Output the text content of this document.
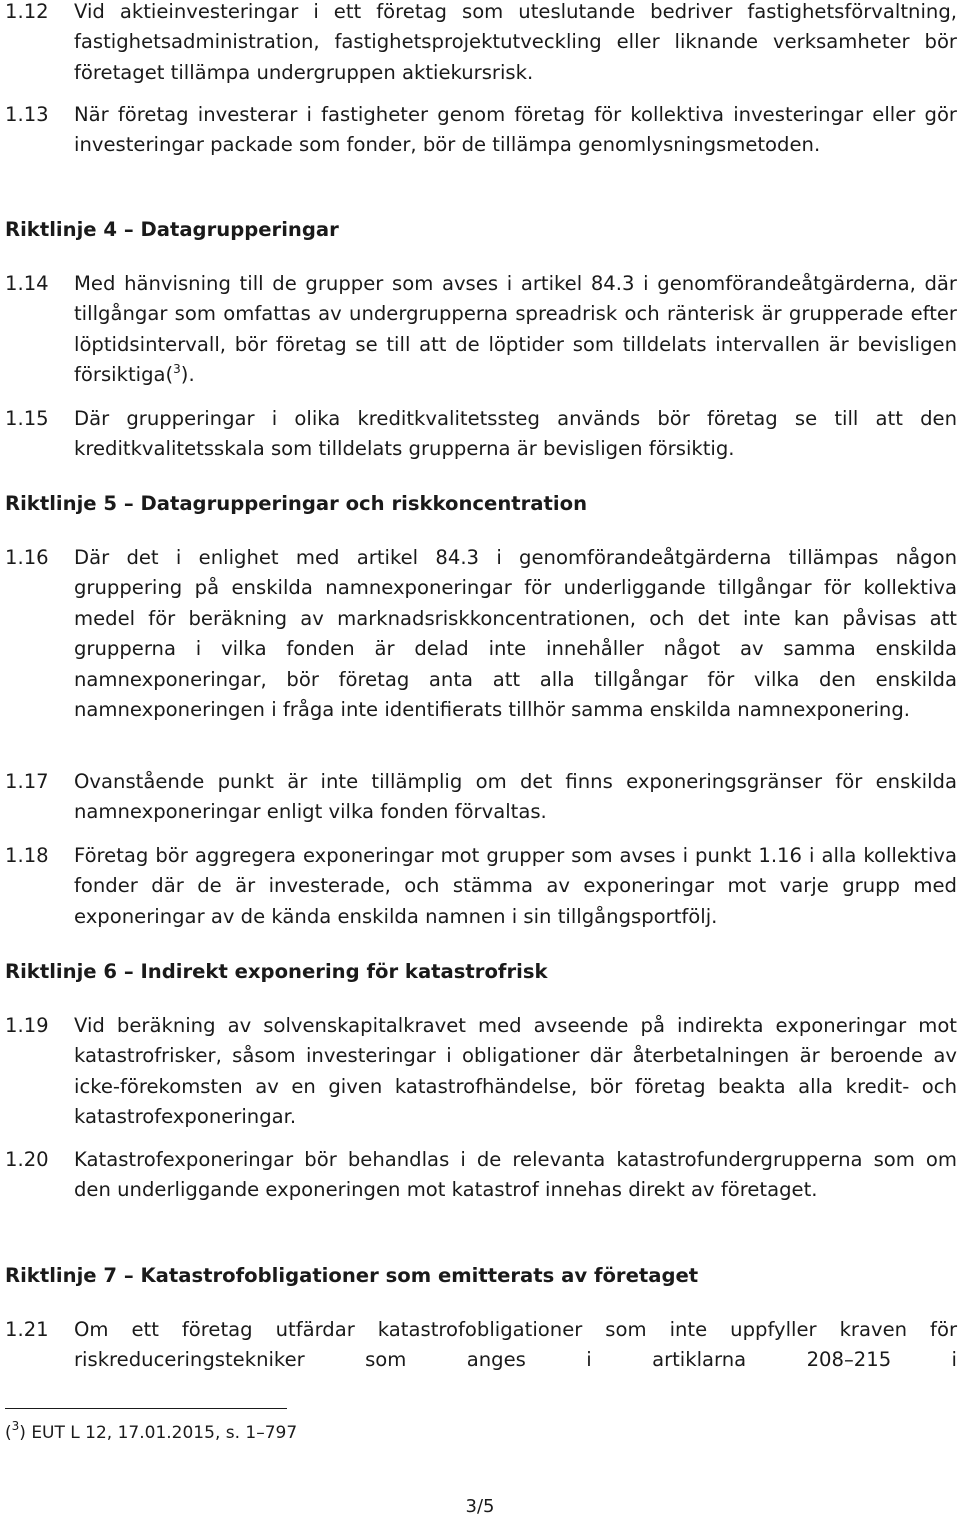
1.12 Vid aktieinvesteringar i ett företag som uteslutande bedriver fastighetsförvaltning, fastighetsadministration, fastighetsprojektutveckling eller liknande verksamheter bör företaget tillämpa undergruppen aktiekursrisk.
1.13 När företag investerar i fastigheter genom företag för kollektiva investeringar eller gör investeringar packade som fonder, bör de tillämpa genomlysningsmetoden.
Riktlinje 4 – Datagrupperingar
1.14 Med hänvisning till de grupper som avses i artikel 84.3 i genomförandeåtgärderna, där tillgångar som omfattas av undergrupperna spreadrisk och ränterisk är grupperade efter löptidsintervall, bör företag se till att de löptider som tilldelats intervallen är bevisligen försiktiga($^3$).
1.15 Där grupperingar i olika kreditkvalitetssteg används bör företag se till att den kreditkvalitetsskala som tilldelats grupperna är bevisligen försiktig.
Riktlinje 5 – Datagrupperingar och riskkoncentration
1.16 Där det i enlighet med artikel 84.3 i genomförandeåtgärderna tillämpas någon gruppering på enskilda namnexponeringar för underliggande tillgångar för kollektiva medel för beräkning av marknadsriskkoncentrationen, och det inte kan påvisas att grupperna i vilka fonden är delad inte innehåller något av samma enskilda namnexponeringar, bör företag anta att alla tillgångar för vilka den enskilda namnexponeringen i fråga inte identifierats tillhör samma enskilda namnexponering.
1.17 Ovanstående punkt är inte tillämplig om det finns exponeringsgränser för enskilda namnexponeringar enligt vilka fonden förvaltas.
1.18 Företag bör aggregera exponeringar mot grupper som avses i punkt 1.16 i alla kollektiva fonder där de är investerade, och stämma av exponeringar mot varje grupp med exponeringar av de kända enskilda namnen i sin tillgångsportfölj.
Riktlinje 6 – Indirekt exponering för katastrofrisk
1.19 Vid beräkning av solvenskapitalkravet med avseende på indirekta exponeringar mot katastrofrisker, såsom investeringar i obligationer där återbetalningen är beroende av icke-förekomsten av en given katastrofhändelse, bör företag beakta alla kredit- och katastrofexponeringar.
1.20 Katastrofexponeringar bör behandlas i de relevanta katastrofundergrupperna som om den underliggande exponeringen mot katastrof innehas direkt av företaget.
Riktlinje 7 – Katastrofobligationer som emitterats av företaget
1.21 Om ett företag utfärdar katastrofobligationer som inte uppfyller kraven för riskreduceringstekniker som anges i artiklarna 208–215 i
($^3$) EUT L 12, 17.01.2015, s. 1–797
3/5
